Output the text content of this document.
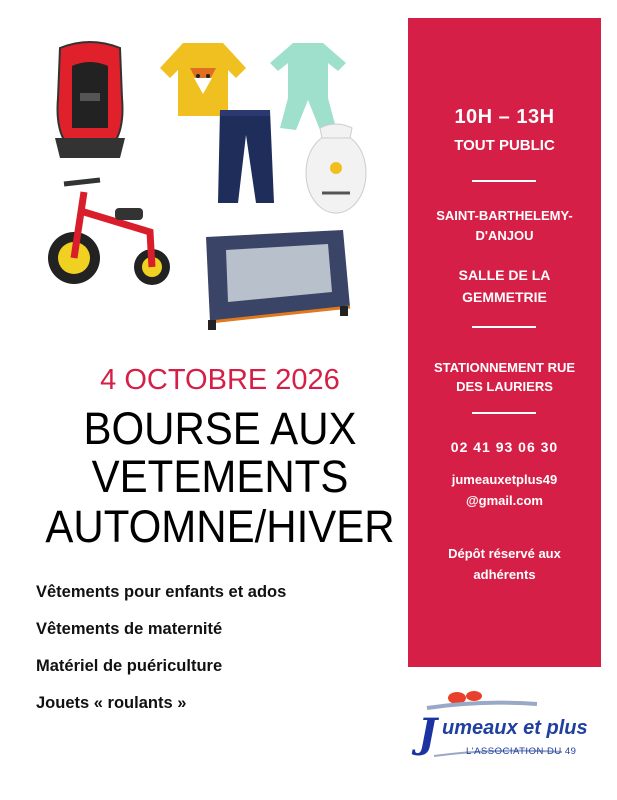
4 OCTOBRE 2026
BOURSE AUX
VETEMENTS
AUTOMNE/HIVER
Vêtements pour enfants et ados
Vêtements de maternité
Matériel de puériculture
Jouets « roulants »
10H – 13H
TOUT PUBLIC
SAINT-BARTHELEMY-
D'ANJOU
SALLE DE LA
GEMMETRIE
STATIONNEMENT RUE
DES LAURIERS
02 41 93 06 30
jumeauxetplus49
@gmail.com
Dépôt réservé aux
adhérents
J umeaux et plus
L'ASSOCIATION DU 49
